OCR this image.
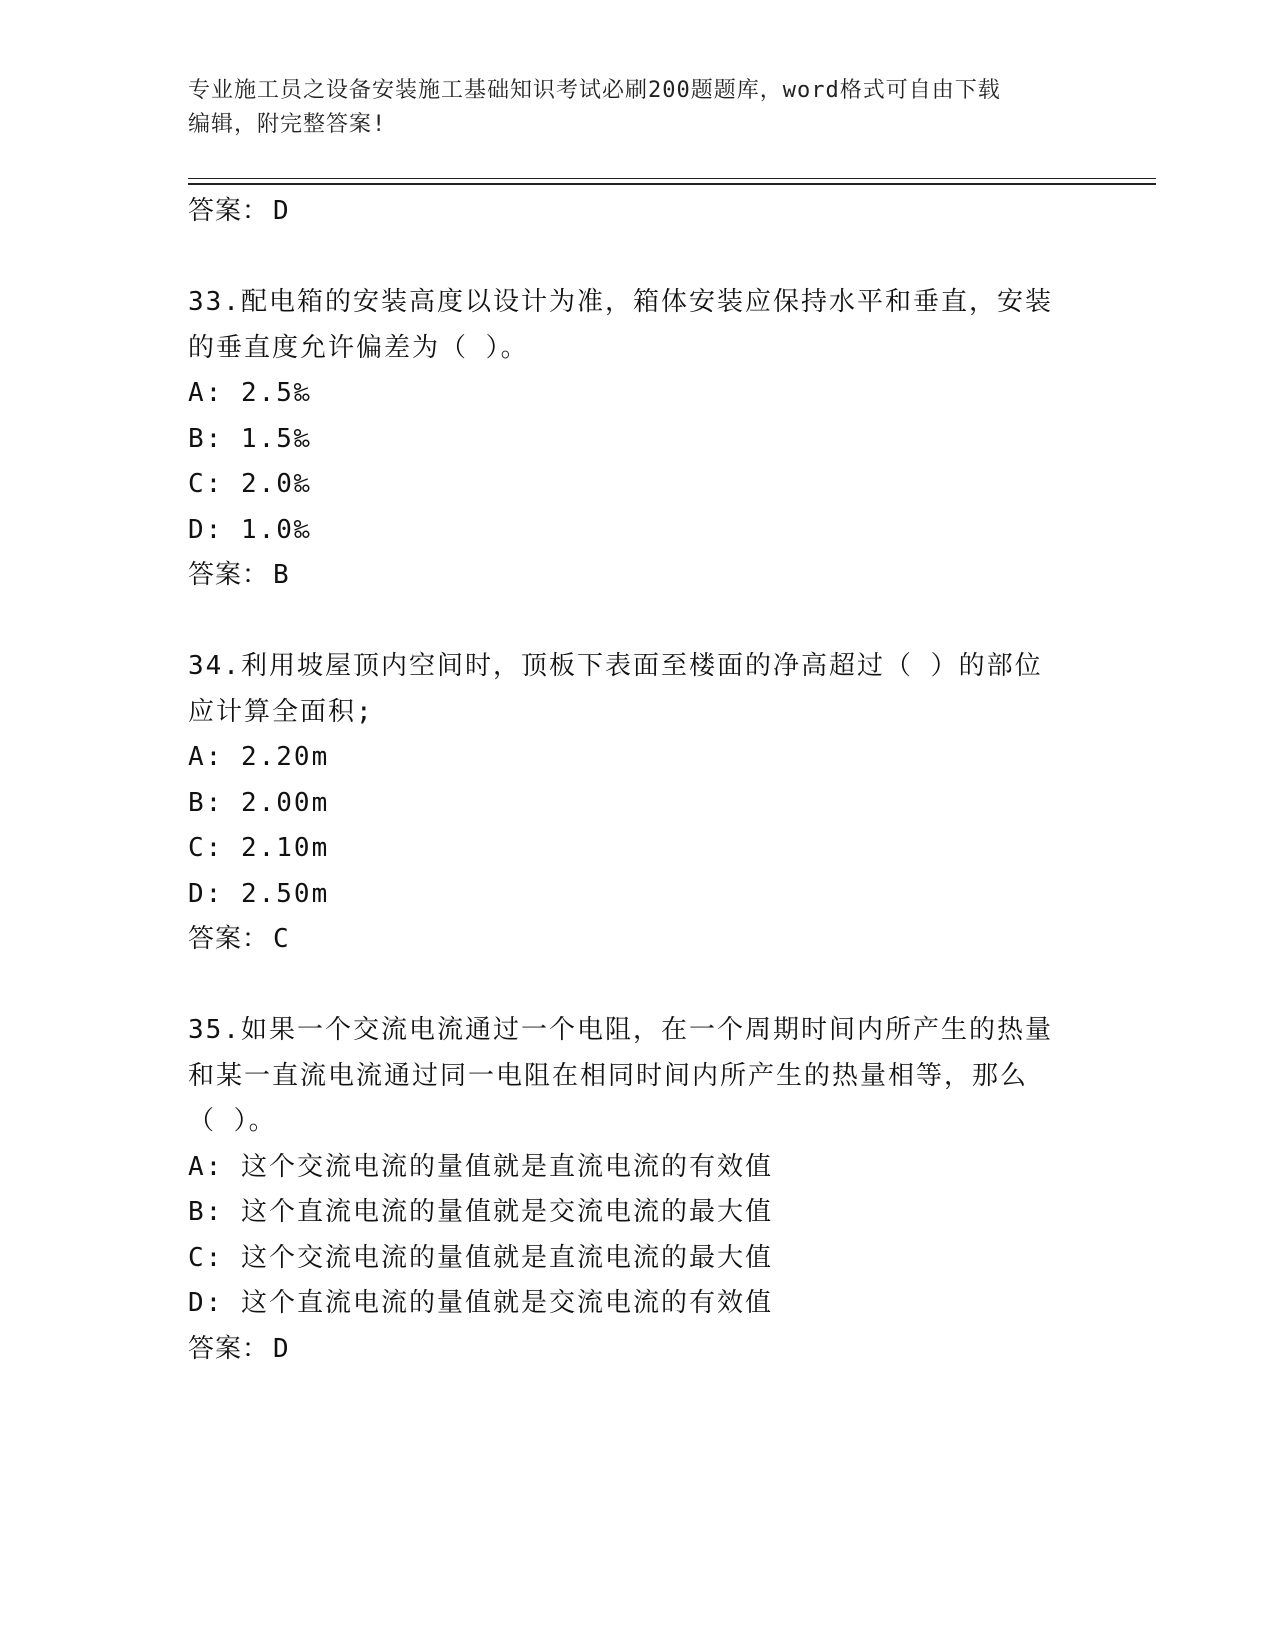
专业施工员之设备安装施工基础知识考试必刷200题题库，word格式可自由下载
编辑，附完整答案!
答案： D
33.配电箱的安装高度以设计为准，箱体安装应保持水平和垂直，安装
的垂直度允许偏差为（ ）。
A: 2.5‰
B: 1.5‰
C: 2.0‰
D: 1.0‰
答案： B
34.利用坡屋顶内空间时，顶板下表面至楼面的净高超过（ ）的部位
应计算全面积;
A: 2.20m
B: 2.00m
C: 2.10m
D: 2.50m
答案： C
35.如果一个交流电流通过一个电阻，在一个周期时间内所产生的热量
和某一直流电流通过同一电阻在相同时间内所产生的热量相等，那么
（ ）。
A: 这个交流电流的量值就是直流电流的有效值
B: 这个直流电流的量值就是交流电流的最大值
C: 这个交流电流的量值就是直流电流的最大值
D: 这个直流电流的量值就是交流电流的有效值
答案： D
